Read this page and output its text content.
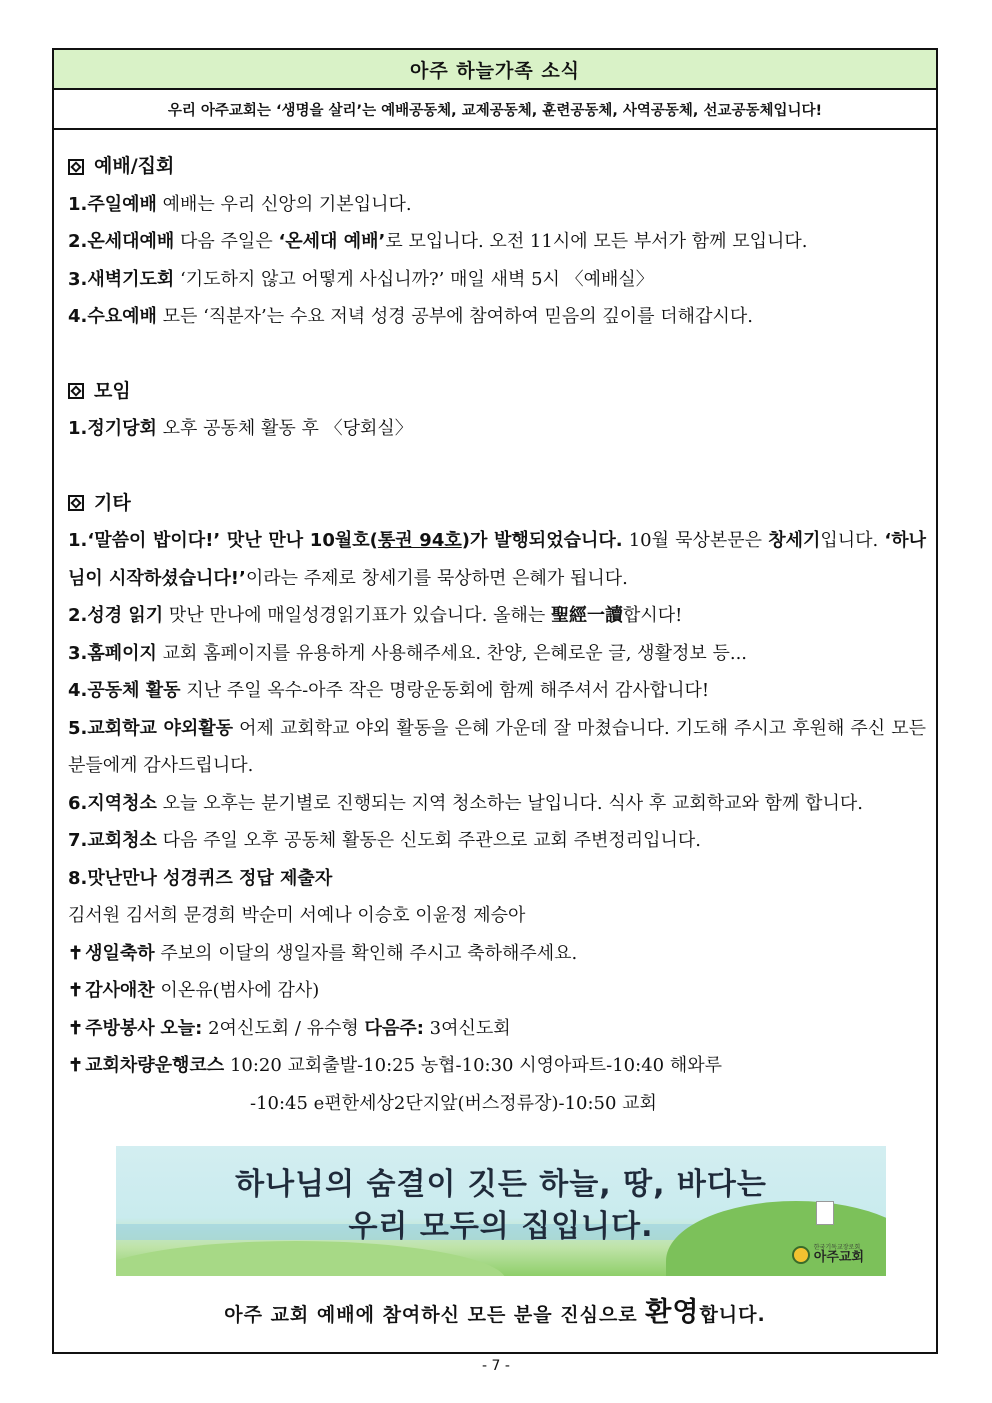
아주 하늘가족 소식
우리 아주교회는 ‘생명을 살리’는 예배공동체, 교제공동체, 훈련공동체, 사역공동체, 선교공동체입니다!
예배/집회
1.주일예배 예배는 우리 신앙의 기본입니다.
2.온세대예배 다음 주일은 ‘온세대 예배’로 모입니다. 오전 11시에 모든 부서가 함께 모입니다.
3.새벽기도회 ‘기도하지 않고 어떻게 사십니까?’ 매일 새벽 5시 〈예배실〉
4.수요예배 모든 ‘직분자’는 수요 저녁 성경 공부에 참여하여 믿음의 깊이를 더해갑시다.
모임
1.정기당회 오후 공동체 활동 후 〈당회실〉
기타
1.‘말씀이 밥이다!’ 맛난 만나 10월호(통권 94호)가 발행되었습니다. 10월 묵상본문은 창세기입니다. ‘하나님이 시작하셨습니다!’이라는 주제로 창세기를 묵상하면 은혜가 됩니다.
2.성경 읽기 맛난 만나에 매일성경읽기표가 있습니다. 올해는 聖經一讀합시다!
3.홈페이지 교회 홈페이지를 유용하게 사용해주세요. 찬양, 은혜로운 글, 생활정보 등...
4.공동체 활동 지난 주일 옥수-아주 작은 명랑운동회에 함께 해주셔서 감사합니다!
5.교회학교 야외활동 어제 교회학교 야외 활동을 은혜 가운데 잘 마쳤습니다. 기도해 주시고 후원해 주신 모든 분들에게 감사드립니다.
6.지역청소 오늘 오후는 분기별로 진행되는 지역 청소하는 날입니다. 식사 후 교회학교와 함께 합니다.
7.교회청소 다음 주일 오후 공동체 활동은 신도회 주관으로 교회 주변정리입니다.
8.맛난만나 성경퀴즈 정답 제출자
김서원 김서희 문경희 박순미 서예나 이승호 이윤정 제승아
✝ 생일축하 주보의 이달의 생일자를 확인해 주시고 축하해주세요.
✝ 감사애찬 이온유(범사에 감사)
✝ 주방봉사 오늘: 2여신도회 / 유수형 다음주: 3여신도회
✝ 교회차량운행코스 10:20 교회출발-10:25 농협-10:30 시영아파트-10:40 해와루
-10:45 e편한세상2단지앞(버스정류장)-10:50 교회
하나님의 숨결이 깃든 하늘, 땅, 바다는
우리 모두의 집입니다.
한국기독교장로회
아주교회
아주 교회 예배에 참여하신 모든 분을 진심으로 환영합니다.
- 7 -
